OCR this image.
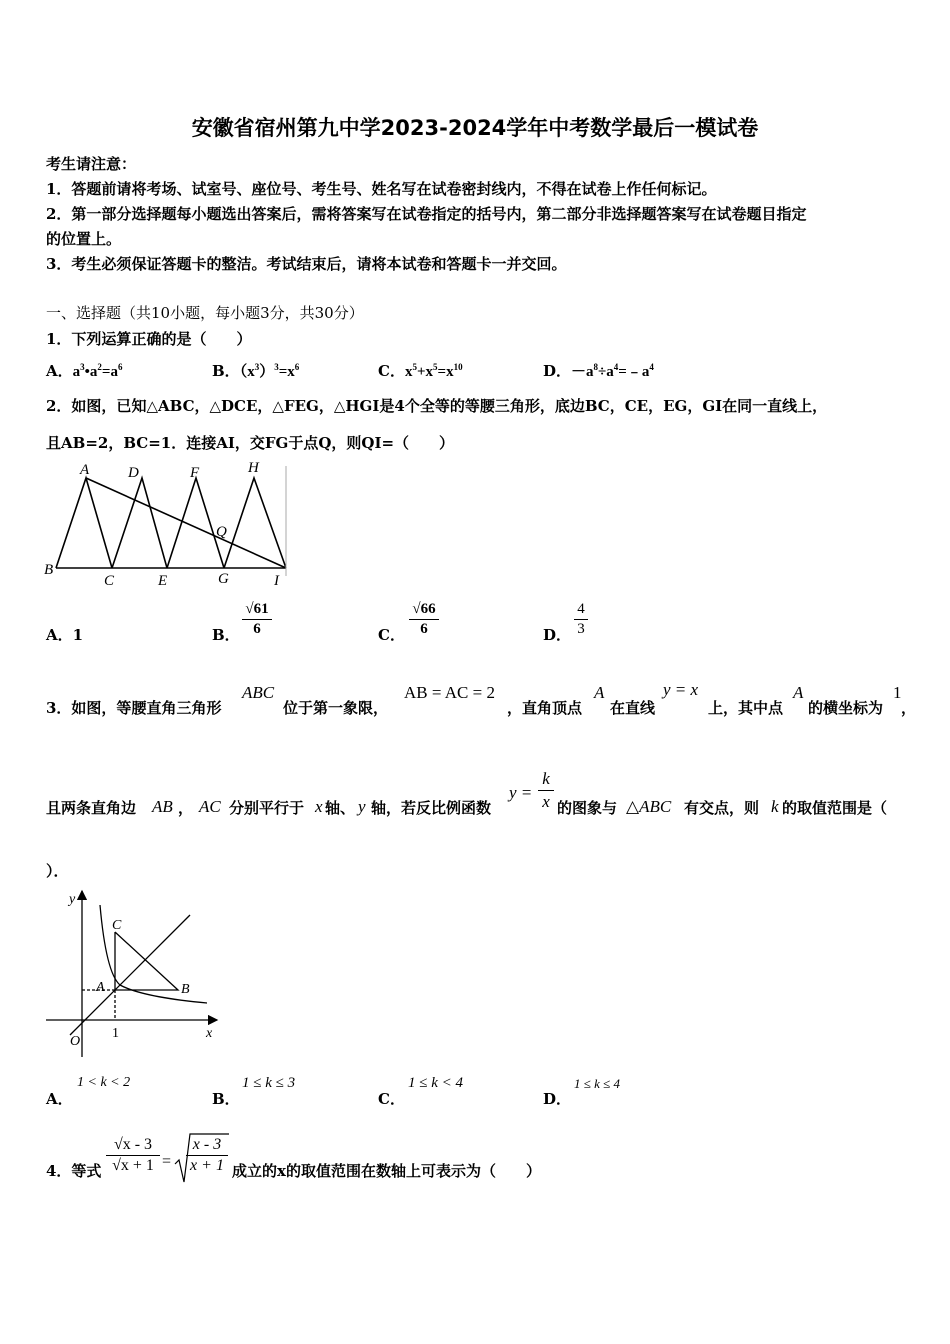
安徽省宿州第九中学2023-2024学年中考数学最后一模试卷
考生请注意：
1．答题前请将考场、试室号、座位号、考生号、姓名写在试卷密封线内，不得在试卷上作任何标记。
2．第一部分选择题每小题选出答案后，需将答案写在试卷指定的括号内，第二部分非选择题答案写在试卷题目指定
的位置上。
3．考生必须保证答题卡的整洁。考试结束后，请将本试卷和答题卡一并交回。
一、选择题（共10小题，每小题3分，共30分）
1．下列运算正确的是（　　）
A．$a^3•a^2=a^6$	B．$(x^3)^3=x^6$	C．$x^5+x^5=x^{10}$	D．$-a^8\div a^4=﹣a^4$
2．如图，已知△ABC，△DCE，△FEG，△HGI是4个全等的等腰三角形，底边BC，CE，EG，GI在同一直线上，
且AB=2，BC=1．连接AI，交FG于点Q，则QI=（　　）
A	D	F	H
Q
B
C	E	G	I
A．1	B．
√61
6	C．
√66
6	D．
4
3
3．如图，等腰直角三角形
ABC
位于第一象限，
AB = AC = 2
，直角顶点
A
在直线
y = x
上，其中点
A
的横坐标为
1
，
且两条直角边 AB ， AC 分别平行于 x 轴、 y 轴，若反比例函数
y =
k
x 的图象与 △ABC 有交点，则 k 的取值范围是（
）．
y
C
A	B
O
1	x
A．
1 < k < 2
B．
1 ≤ k ≤ 3
C．
1 ≤ k < 4
D．
1 ≤ k ≤ 4
4．等式
√x - 3
√x + 1 =
x - 3
x + 1 成立的x的取值范围在数轴上可表示为（　　）
